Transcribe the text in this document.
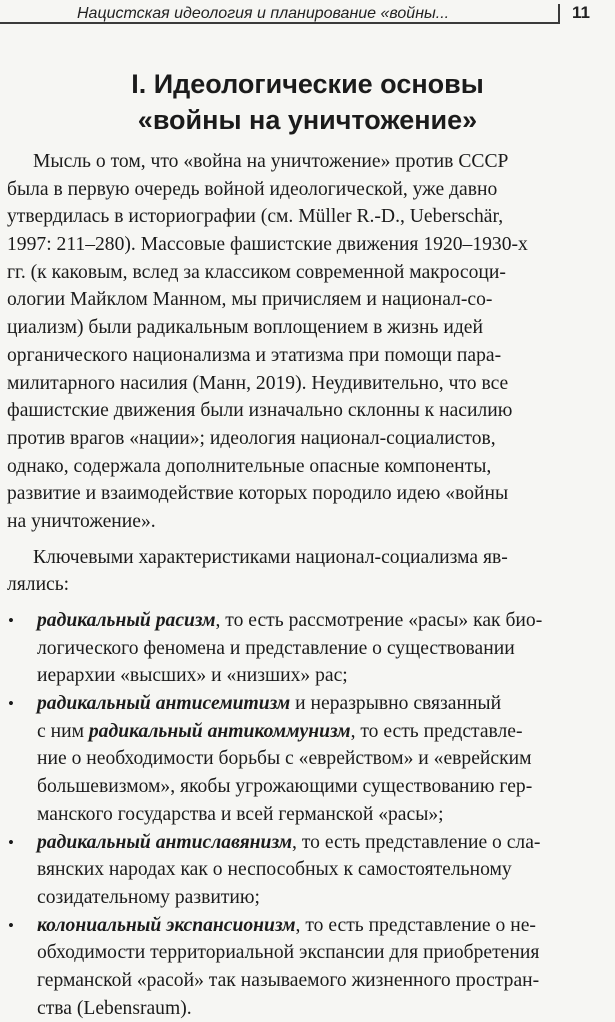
Нацистская идеология и планирование «войны...	11
I. Идеологические основы
«войны на уничтожение»
Мысль о том, что «война на уничтожение» против СССР
была в первую очередь войной идеологической, уже давно
утвердилась в историографии (см. Müller R.-D., Ueberschär,
1997: 211–280). Массовые фашистские движения 1920–1930-х
гг. (к каковым, вслед за классиком современной макросоци-
ологии Майклом Манном, мы причисляем и национал-со-
циализм) были радикальным воплощением в жизнь идей
органического национализма и этатизма при помощи пара-
милитарного насилия (Манн, 2019). Неудивительно, что все
фашистские движения были изначально склонны к насилию
против врагов «нации»; идеология национал-социалистов,
однако, содержала дополнительные опасные компоненты,
развитие и взаимодействие которых породило идею «войны
на уничтожение».
Ключевыми характеристиками национал-социализма яв-
лялись:
• радикальный расизм, то есть рассмотрение «расы» как био-
логического феномена и представление о существовании
иерархии «высших» и «низших» рас;
• радикальный антисемитизм и неразрывно связанный
с ним радикальный антикоммунизм, то есть представле-
ние о необходимости борьбы с «еврейством» и «еврейским
большевизмом», якобы угрожающими существованию гер-
манского государства и всей германской «расы»;
• радикальный антиславянизм, то есть представление о сла-
вянских народах как о неспособных к самостоятельному
созидательному развитию;
• колониальный экспансионизм, то есть представление о не-
обходимости территориальной экспансии для приобретения
германской «расой» так называемого жизненного простран-
ства (Lebensraum).
